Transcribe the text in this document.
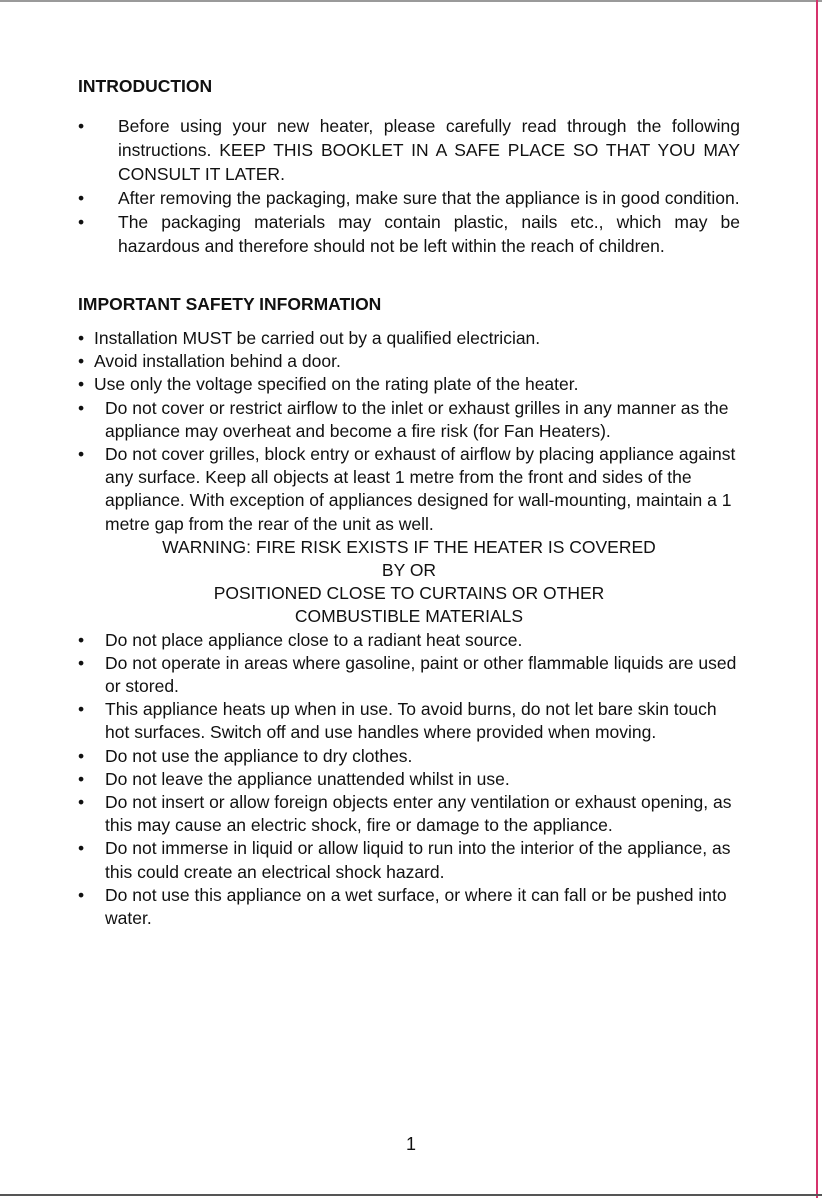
INTRODUCTION
• Before using your new heater, please carefully read through the following instructions. KEEP THIS BOOKLET IN A SAFE PLACE SO THAT YOU MAY CONSULT IT LATER.
• After removing the packaging, make sure that the appliance is in good condition.
• The packaging materials may contain plastic, nails etc., which may be hazardous and therefore should not be left within the reach of children.
IMPORTANT SAFETY INFORMATION
• Installation MUST be carried out by a qualified electrician.
• Avoid installation behind a door.
• Use only the voltage specified on the rating plate of the heater.
• Do not cover or restrict airflow to the inlet or exhaust grilles in any manner as the appliance may overheat and become a fire risk (for Fan Heaters).
• Do not cover grilles, block entry or exhaust of airflow by placing appliance against any surface. Keep all objects at least 1 metre from the front and sides of the appliance. With exception of appliances designed for wall-mounting, maintain a 1 metre gap from the rear of the unit as well.
WARNING: FIRE RISK EXISTS IF THE HEATER IS COVERED
BY OR
POSITIONED CLOSE TO CURTAINS OR OTHER
COMBUSTIBLE MATERIALS
• Do not place appliance close to a radiant heat source.
• Do not operate in areas where gasoline, paint or other flammable liquids are used or stored.
• This appliance heats up when in use. To avoid burns, do not let bare skin touch hot surfaces. Switch off and use handles where provided when moving.
• Do not use the appliance to dry clothes.
• Do not leave the appliance unattended whilst in use.
• Do not insert or allow foreign objects enter any ventilation or exhaust opening, as this may cause an electric shock, fire or damage to the appliance.
• Do not immerse in liquid or allow liquid to run into the interior of the appliance, as this could create an electrical shock hazard.
• Do not use this appliance on a wet surface, or where it can fall or be pushed into water.
1
